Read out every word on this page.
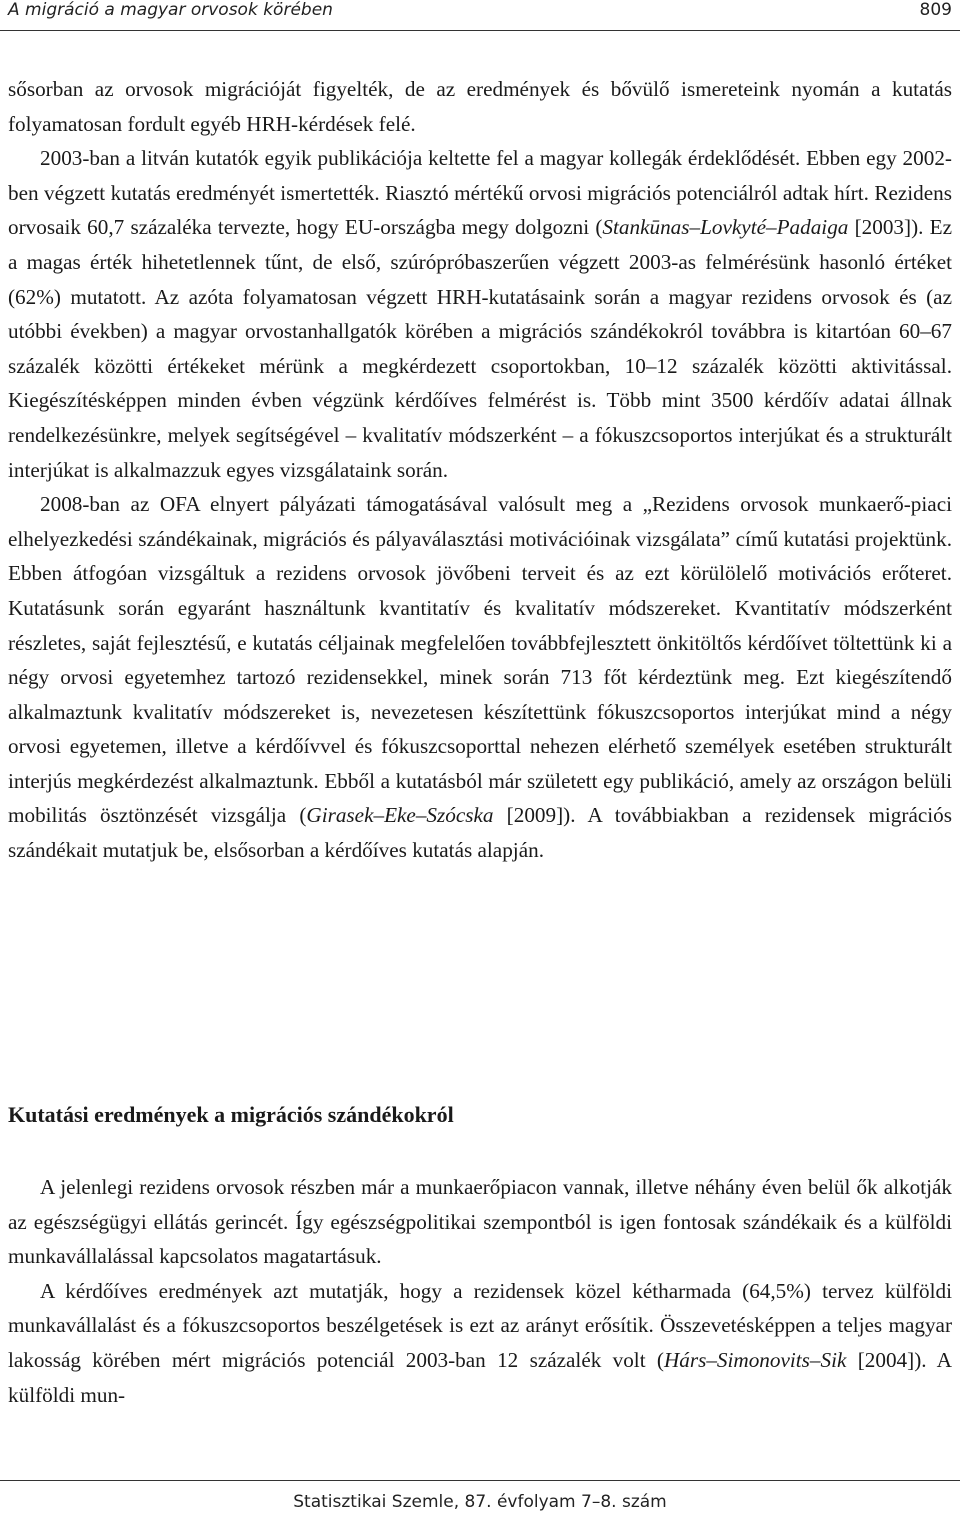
A migráció a magyar orvosok körében	809

sősorban az orvosok migrációját figyelték, de az eredmények és bővülő ismereteink nyomán a kutatás folyamatosan fordult egyéb HRH-kérdések felé.

2003-ban a litván kutatók egyik publikációja keltette fel a magyar kollegák érdeklődését. Ebben egy 2002-ben végzett kutatás eredményét ismertették. Riasztó mértékű orvosi migrációs potenciálról adtak hírt. Rezidens orvosaik 60,7 százaléka tervezte, hogy EU-országba megy dolgozni (Stankūnas–Lovkyté–Padaiga [2003]). Ez a magas érték hihetetlennek tűnt, de első, szúrópróbaszerűen végzett 2003-as felmérésünk hasonló értéket (62%) mutatott. Az azóta folyamatosan végzett HRH-kutatásaink során a magyar rezidens orvosok és (az utóbbi években) a magyar orvostanhallgatók körében a migrációs szándékokról továbbra is kitartóan 60–67 százalék közötti értékeket mérünk a megkérdezett csoportokban, 10–12 százalék közötti aktivitással. Kiegészítésképpen minden évben végzünk kérdőíves felmérést is. Több mint 3500 kérdőív adatai állnak rendelkezésünkre, melyek segítségével – kvalitatív módszerként – a fókuszcsoportos interjúkat és a strukturált interjúkat is alkalmazzuk egyes vizsgálataink során.

2008-ban az OFA elnyert pályázati támogatásával valósult meg a „Rezidens orvosok munkaerő-piaci elhelyezkedési szándékainak, migrációs és pályaválasztási motivációinak vizsgálata” című kutatási projektünk. Ebben átfogóan vizsgáltuk a rezidens orvosok jövőbeni terveit és az ezt körülölelő motivációs erőteret. Kutatásunk során egyaránt használtunk kvantitatív és kvalitatív módszereket. Kvantitatív módszerként részletes, saját fejlesztésű, e kutatás céljainak megfelelően továbbfejlesztett önkitöltős kérdőívet töltettünk ki a négy orvosi egyetemhez tartozó rezidensekkel, minek során 713 főt kérdeztünk meg. Ezt kiegészítendő alkalmaztunk kvalitatív módszereket is, nevezetesen készítettünk fókuszcsoportos interjúkat mind a négy orvosi egyetemen, illetve a kérdőívvel és fókuszcsoporttal nehezen elérhető személyek esetében strukturált interjús megkérdezést alkalmaztunk. Ebből a kutatásból már született egy publikáció, amely az országon belüli mobilitás ösztönzését vizsgálja (Girasek–Eke–Szócska [2009]). A továbbiakban a rezidensek migrációs szándékait mutatjuk be, elsősorban a kérdőíves kutatás alapján.

Kutatási eredmények a migrációs szándékokról

A jelenlegi rezidens orvosok részben már a munkaerőpiacon vannak, illetve néhány éven belül ők alkotják az egészségügyi ellátás gerincét. Így egészségpolitikai szempontból is igen fontosak szándékaik és a külföldi munkavállalással kapcsolatos magatartásuk.

A kérdőíves eredmények azt mutatják, hogy a rezidensek közel kétharmada (64,5%) tervez külföldi munkavállalást és a fókuszcsoportos beszélgetések is ezt az arányt erősítik. Összevetésképpen a teljes magyar lakosság körében mért migrációs potenciál 2003-ban 12 százalék volt (Hárs–Simonovits–Sik [2004]). A külföldi mun-

Statisztikai Szemle, 87. évfolyam 7–8. szám
